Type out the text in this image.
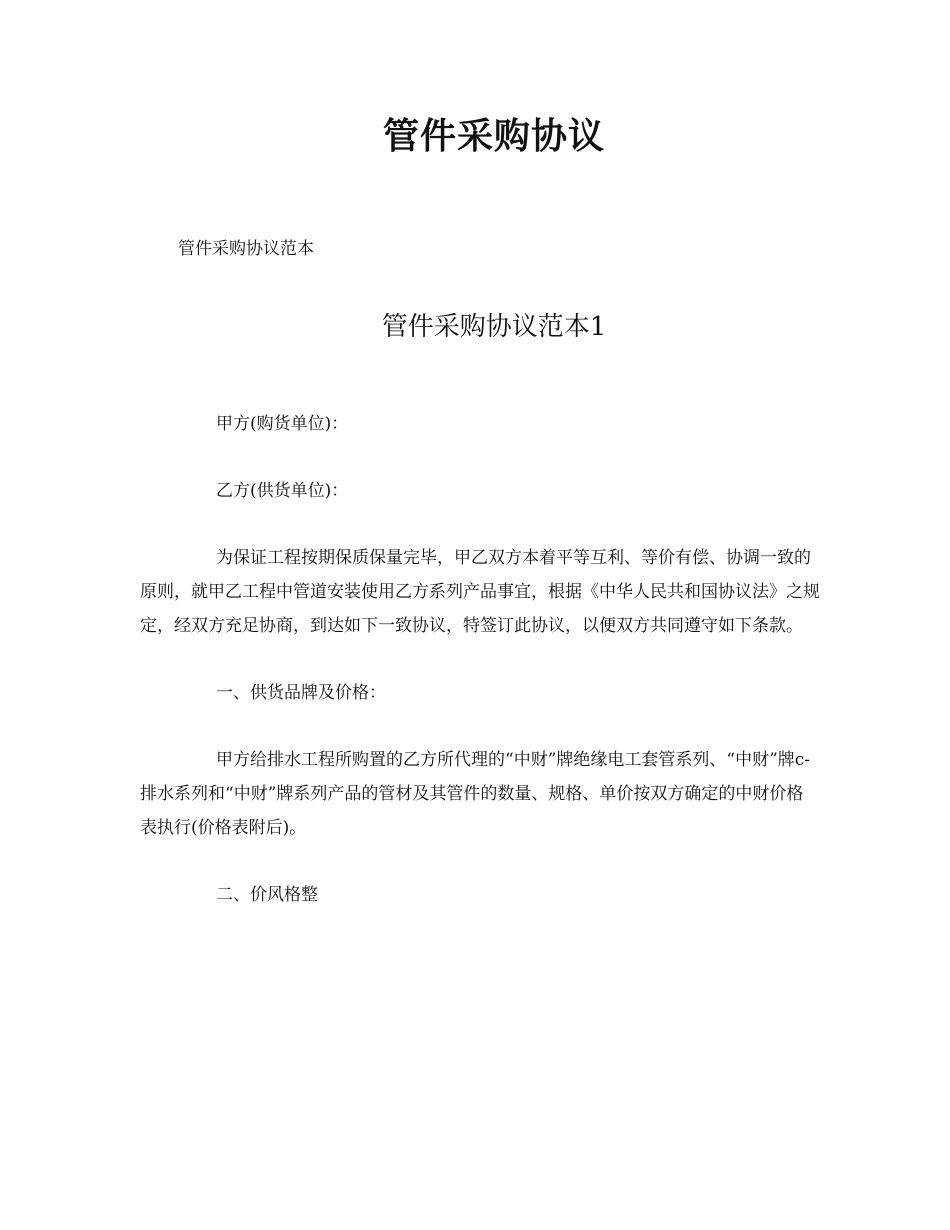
管件采购协议
管件采购协议范本
管件采购协议范本1

甲方(购货单位)：

乙方(供货单位)：

为保证工程按期保质保量完毕，甲乙双方本着平等互利、等价有偿、协调一致的原则，就甲乙工程中管道安装使用乙方系列产品事宜，根据《中华人民共和国协议法》之规定，经双方充足协商，到达如下一致协议，特签订此协议，以便双方共同遵守如下条款。

一、供货品牌及价格：

甲方给排水工程所购置的乙方所代理的“中财”牌绝缘电工套管系列、“中财”牌c-排水系列和“中财”牌系列产品的管材及其管件的数量、规格、单价按双方确定的中财价格表执行(价格表附后)。

二、价风格整
